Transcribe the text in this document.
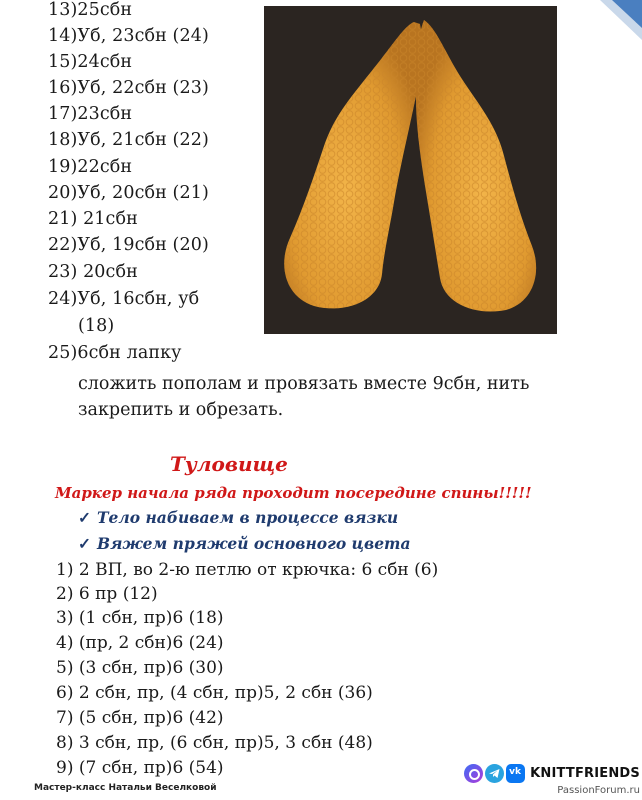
13)25сбн
14)Уб, 23сбн (24)
15)24сбн
16)Уб, 22сбн (23)
17)23сбн
18)Уб, 21сбн (22)
19)22сбн
20)Уб, 20сбн (21)
21) 21сбн
22)Уб, 19сбн (20)
23) 20сбн
24)Уб, 16сбн, уб
(18)
25)6сбн лапку
сложить пополам и провязать вместе 9сбн, нить
закрепить и обрезать.
Туловище
Маркер начала ряда проходит посередине спины!!!!!
✓ Тело набиваем в процессе вязки
✓ Вяжем пряжей основного цвета
1) 2 ВП, во 2-ю петлю от крючка: 6 сбн (6)
2) 6 пр (12)
3) (1 сбн, пр)6 (18)
4) (пр, 2 сбн)6 (24)
5) (3 сбн, пр)6 (30)
6) 2 сбн, пр, (4 сбн, пр)5, 2 сбн (36)
7) (5 сбн, пр)6 (42)
8) 3 сбн, пр, (6 сбн, пр)5, 3 сбн (48)
9) (7 сбн, пр)6 (54)
Мастер-класс Натальи Веселковой
vk KNITTFRIENDS
PassionForum.ru
